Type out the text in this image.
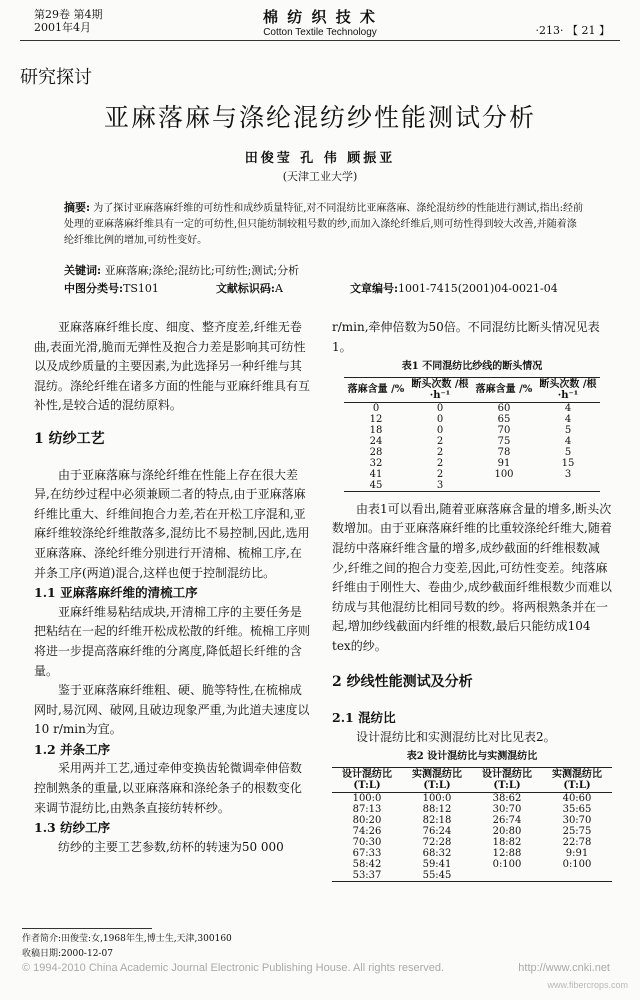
第29卷 第4期
2001年4月
棉 纺 织 技 术
Cotton Textile Technology	·213· 【 21 】
研究探讨
亚麻落麻与涤纶混纺纱性能测试分析
田俊莹 孔 伟 顾振亚
(天津工业大学)
摘要: 为了探讨亚麻落麻纤维的可纺性和成纱质量特征,对不同混纺比亚麻落麻、涤纶混纺纱的性能进行测试,指出:经前处理的亚麻落麻纤维具有一定的可纺性,但只能纺制较粗号数的纱,而加入涤纶纤维后,则可纺性得到较大改善,并随着涤纶纤维比例的增加,可纺性变好。
关键词: 亚麻落麻;涤纶;混纺比;可纺性;测试;分析
中图分类号:TS101	文献标识码:A	文章编号:1001-7415(2001)04-0021-04

亚麻落麻纤维长度、细度、整齐度差,纤维无卷曲,表面光滑,脆而无弹性及抱合力差是影响其可纺性以及成纱质量的主要因素,为此选择另一种纤维与其混纺。涤纶纤维在诸多方面的性能与亚麻纤维具有互补性,是较合适的混纺原料。

1 纺纱工艺

由于亚麻落麻与涤纶纤维在性能上存在很大差异,在纺纱过程中必须兼顾二者的特点,由于亚麻落麻纤维比重大、纤维间抱合力差,若在开松工序混和,亚麻纤维较涤纶纤维散落多,混纺比不易控制,因此,选用亚麻落麻、涤纶纤维分别进行开清棉、梳棉工序,在并条工序(两道)混合,这样也便于控制混纺比。

1.1 亚麻落麻纤维的清梳工序

亚麻纤维易粘结成块,开清棉工序的主要任务是把粘结在一起的纤维开松成松散的纤维。梳棉工序则将进一步提高落麻纤维的分离度,降低超长纤维的含量。

鉴于亚麻落麻纤维粗、硬、脆等特性,在梳棉成网时,易沉网、破网,且破边现象严重,为此道夫速度以10 r/min为宜。

1.2 并条工序

采用两并工艺,通过牵伸变换齿轮微调牵伸倍数控制熟条的重量,以亚麻落麻和涤纶条子的根数变化来调节混纺比,由熟条直接纺转杯纱。

1.3 纺纱工序

纺纱的主要工艺参数,纺杯的转速为50 000

r/min,牵伸倍数为50倍。不同混纺比断头情况见表1。

表1 不同混纺比纱线的断头情况
落麻含量 /%	断头次数 /根·h⁻¹	落麻含量 /%	断头次数 /根·h⁻¹
0	0	60	4
12	0	65	4
18	0	70	5
24	2	75	4
28	2	78	5
32	2	91	15
41	2	100	3
45	3		

由表1可以看出,随着亚麻落麻含量的增多,断头次数增加。由于亚麻落麻纤维的比重较涤纶纤维大,随着混纺中落麻纤维含量的增多,成纱截面的纤维根数减少,纤维之间的抱合力变差,因此,可纺性变差。纯落麻纤维由于刚性大、卷曲少,成纱截面纤维根数少而难以纺成与其他混纺比相同号数的纱。将两根熟条并在一起,增加纱线截面内纤维的根数,最后只能纺成104 tex的纱。

2 纱线性能测试及分析
2.1 混纺比

设计混纺比和实测混纺比对比见表2。

表2 设计混纺比与实测混纺比
设计混纺比 (T:L)	实测混纺比 (T:L)	设计混纺比 (T:L)	实测混纺比 (T:L)
100:0	100:0	38:62	40:60
87:13	88:12	30:70	35:65
80:20	82:18	26:74	30:70
74:26	76:24	20:80	25:75
70:30	72:28	18:82	22:78
67:33	68:32	12:88	9:91
58:42	59:41	0:100	0:100
53:37	55:45		
作者简介:田俊莹:女,1968年生,博士生,天津,300160
收稿日期:2000-12-07
© 1994-2010 China Academic Journal Electronic Publishing House. All rights reserved.	http://www.cnki.net
www.fibercrops.com
